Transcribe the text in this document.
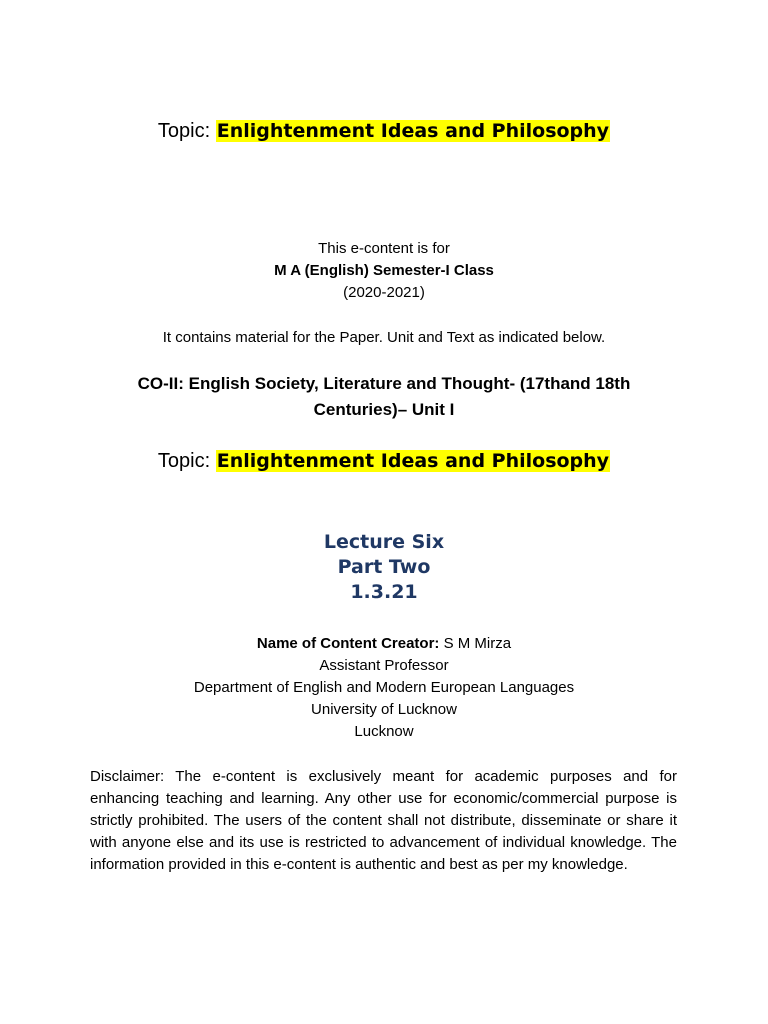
Topic: Enlightenment Ideas and Philosophy
This e-content is for
M A (English) Semester-I Class
(2020-2021)
It contains material for the Paper. Unit and Text as indicated below.
CO-II: English Society, Literature and Thought- (17thand 18th
Centuries)– Unit I
Topic: Enlightenment Ideas and Philosophy
Lecture Six
Part Two
1.3.21
Name of Content Creator: S M Mirza
Assistant Professor
Department of English and Modern European Languages
University of Lucknow
Lucknow
Disclaimer: The e-content is exclusively meant for academic purposes and for enhancing teaching and learning. Any other use for economic/commercial purpose is strictly prohibited. The users of the content shall not distribute, disseminate or share it with anyone else and its use is restricted to advancement of individual knowledge. The information provided in this e-content is authentic and best as per my knowledge.
